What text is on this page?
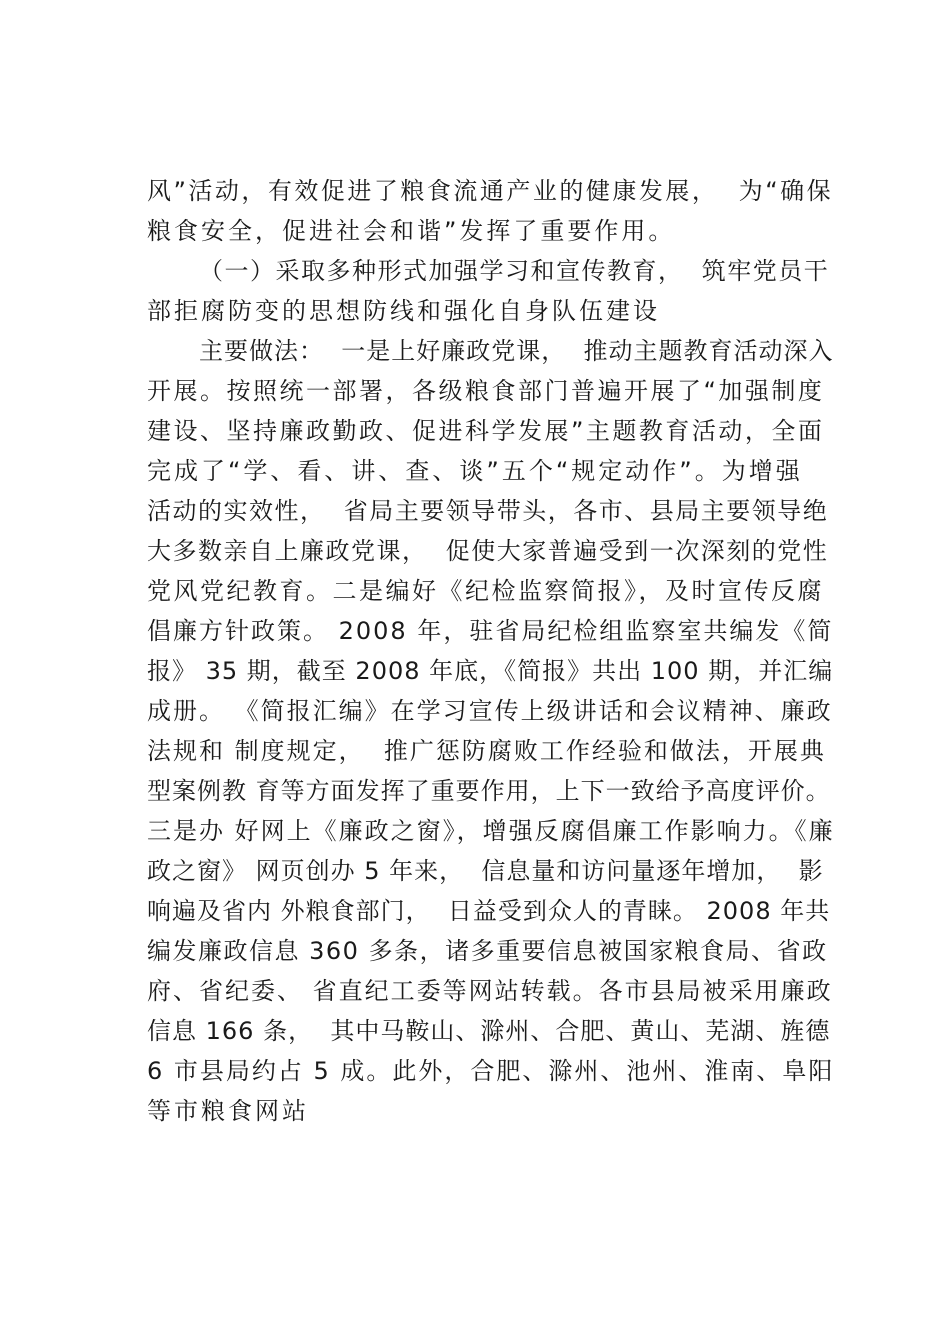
风”活动，有效促进了粮食流通产业的健康发展，  为“确保
粮食安全，促进社会和谐”发挥了重要作用。
（一）采取多种形式加强学习和宣传教育，  筑牢党员干
部拒腐防变的思想防线和强化自身队伍建设
主要做法：  一是上好廉政党课，  推动主题教育活动深入
开展。按照统一部署，各级粮食部门普遍开展了“加强制度
建设、坚持廉政勤政、促进科学发展”主题教育活动，全面
完成了“学、看、讲、查、谈”五个“规定动作”。为增强
活动的实效性，  省局主要领导带头，各市、县局主要领导绝
大多数亲自上廉政党课，  促使大家普遍受到一次深刻的党性
党风党纪教育。二是编好《纪检监察简报》，及时宣传反腐
倡廉方针政策。 2008 年，驻省局纪检组监察室共编发《简
报》 35 期，截至 2008 年底，《简报》共出 100 期，并汇编
成册。 《简报汇编》在学习宣传上级讲话和会议精神、廉政
法规和 制度规定，  推广惩防腐败工作经验和做法，开展典
型案例教 育等方面发挥了重要作用，上下一致给予高度评价。
三是办 好网上《廉政之窗》，增强反腐倡廉工作影响力。《廉
政之窗》 网页创办 5 年来，  信息量和访问量逐年增加，  影
响遍及省内 外粮食部门，  日益受到众人的青睐。 2008 年共
编发廉政信息 360 多条，诸多重要信息被国家粮食局、省政
府、省纪委、 省直纪工委等网站转载。各市县局被采用廉政
信息 166 条，  其中马鞍山、滁州、合肥、黄山、芜湖、旌德
6 市县局约占 5 成。此外，合肥、滁州、池州、淮南、阜阳
等市粮食网站
